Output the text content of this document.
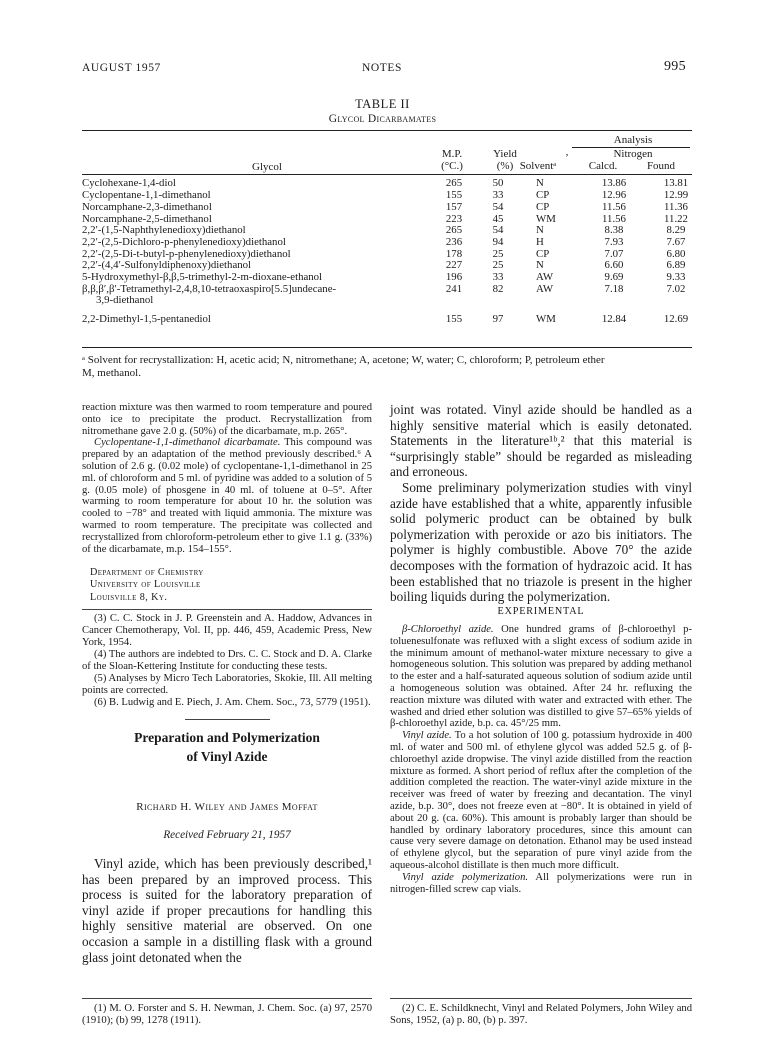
AUGUST 1957	NOTES	995
TABLE II
Glycol Dicarbamates
Analysis
‚	Nitrogen
M.P.	Yield
Glycol	(°C.)	(%) Solventᵃ	Calcd.	Found
Cyclohexane-1,4-diol	265	50	N	13.86	13.81
Cyclopentane-1,1-dimethanol	155	33	CP	12.96	12.99
Norcamphane-2,3-dimethanol	157	54	CP	11.56	11.36
Norcamphane-2,5-dimethanol	223	45	WM	11.56	11.22
2,2′-(1,5-Naphthylenedioxy)diethanol	265	54	N	8.38	8.29
2,2′-(2,5-Dichloro-p-phenylenedioxy)diethanol	236	94	H	7.93	7.67
2,2′-(2,5-Di-t-butyl-p-phenylenedioxy)diethanol	178	25	CP	7.07	6.80
2,2′-(4,4′-Sulfonyldiphenoxy)diethanol	227	25	N	6.60	6.89
5-Hydroxymethyl-β,β,5-trimethyl-2-m-dioxane-ethanol	196	33	AW	9.69	9.33
β,β,β′,β′-Tetramethyl-2,4,8,10-tetraoxaspiro[5.5]undecane-	241	82	AW	7.18	7.02
3,9-diethanol
2,2-Dimethyl-1,5-pentanediol	155	97	WM	12.84	12.69
ᵃ Solvent for recrystallization: H, acetic acid; N, nitromethane; A, acetone; W, water; C, chloroform; P, petroleum ether
M, methanol.

reaction mixture was then warmed to room temperature and poured onto ice to precipitate the product. Recrystallization from nitromethane gave 2.0 g. (50%) of the dicarbamate, m.p. 265°.

Cyclopentane-1,1-dimethanol dicarbamate. This compound was prepared by an adaptation of the method previously described.⁶ A solution of 2.6 g. (0.02 mole) of cyclopentane-1,1-dimethanol in 25 ml. of chloroform and 5 ml. of pyridine was added to a solution of 5 g. (0.05 mole) of phosgene in 40 ml. of toluene at 0–5°. After warming to room temperature for about 10 hr. the solution was cooled to −78° and treated with liquid ammonia. The mixture was warmed to room temperature. The precipitate was collected and recrystallized from chloroform-petroleum ether to give 1.1 g. (33%) of the dicarbamate, m.p. 154–155°.

Department of Chemistry
University of Louisville
Louisville 8, Ky.

(3) C. C. Stock in J. P. Greenstein and A. Haddow, Advances in Cancer Chemotherapy, Vol. II, pp. 446, 459, Academic Press, New York, 1954.

(4) The authors are indebted to Drs. C. C. Stock and D. A. Clarke of the Sloan-Kettering Institute for conducting these tests.

(5) Analyses by Micro Tech Laboratories, Skokie, Ill. All melting points are corrected.

(6) B. Ludwig and E. Piech, J. Am. Chem. Soc., 73, 5779 (1951).

Preparation and Polymerization
of Vinyl Azide
Richard H. Wiley and James Moffat
Received February 21, 1957

Vinyl azide, which has been previously described,¹ has been prepared by an improved process. This process is suited for the laboratory preparation of vinyl azide if proper precautions for handling this highly sensitive material are observed. On one occasion a sample in a distilling flask with a ground glass joint detonated when the

(1) M. O. Forster and S. H. Newman, J. Chem. Soc. (a) 97, 2570 (1910); (b) 99, 1278 (1911).

joint was rotated. Vinyl azide should be handled as a highly sensitive material which is easily detonated. Statements in the literature¹ᵇ,² that this material is “surprisingly stable” should be regarded as misleading and erroneous.

Some preliminary polymerization studies with vinyl azide have established that a white, apparently infusible solid polymeric product can be obtained by bulk polymerization with peroxide or azo bis initiators. The polymer is highly combustible. Above 70° the azide decomposes with the formation of hydrazoic acid. It has been established that no triazole is present in the higher boiling liquids during the polymerization.

EXPERIMENTAL

β-Chloroethyl azide. One hundred grams of β-chloroethyl p-toluenesulfonate was refluxed with a slight excess of sodium azide in the minimum amount of methanol-water mixture necessary to give a homogeneous solution. This solution was prepared by adding methanol to the ester and a half-saturated aqueous solution of sodium azide until a homogeneous solution was obtained. After 24 hr. refluxing the reaction mixture was diluted with water and extracted with ether. The washed and dried ether solution was distilled to give 57–65% yields of β-chloroethyl azide, b.p. ca. 45°/25 mm.

Vinyl azide. To a hot solution of 100 g. potassium hydroxide in 400 ml. of water and 500 ml. of ethylene glycol was added 52.5 g. of β-chloroethyl azide dropwise. The vinyl azide distilled from the reaction mixture as formed. A short period of reflux after the completion of the addition completed the reaction. The water-vinyl azide mixture in the receiver was freed of water by freezing and decantation. The vinyl azide, b.p. 30°, does not freeze even at −80°. It is obtained in yield of about 20 g. (ca. 60%). This amount is probably larger than should be handled by ordinary laboratory procedures, since this amount can cause very severe damage on detonation. Ethanol may be used instead of ethylene glycol, but the separation of pure vinyl azide from the aqueous-alcohol distillate is then much more difficult.

Vinyl azide polymerization. All polymerizations were run in nitrogen-filled screw cap vials.

(2) C. E. Schildknecht, Vinyl and Related Polymers, John Wiley and Sons, 1952, (a) p. 80, (b) p. 397.
